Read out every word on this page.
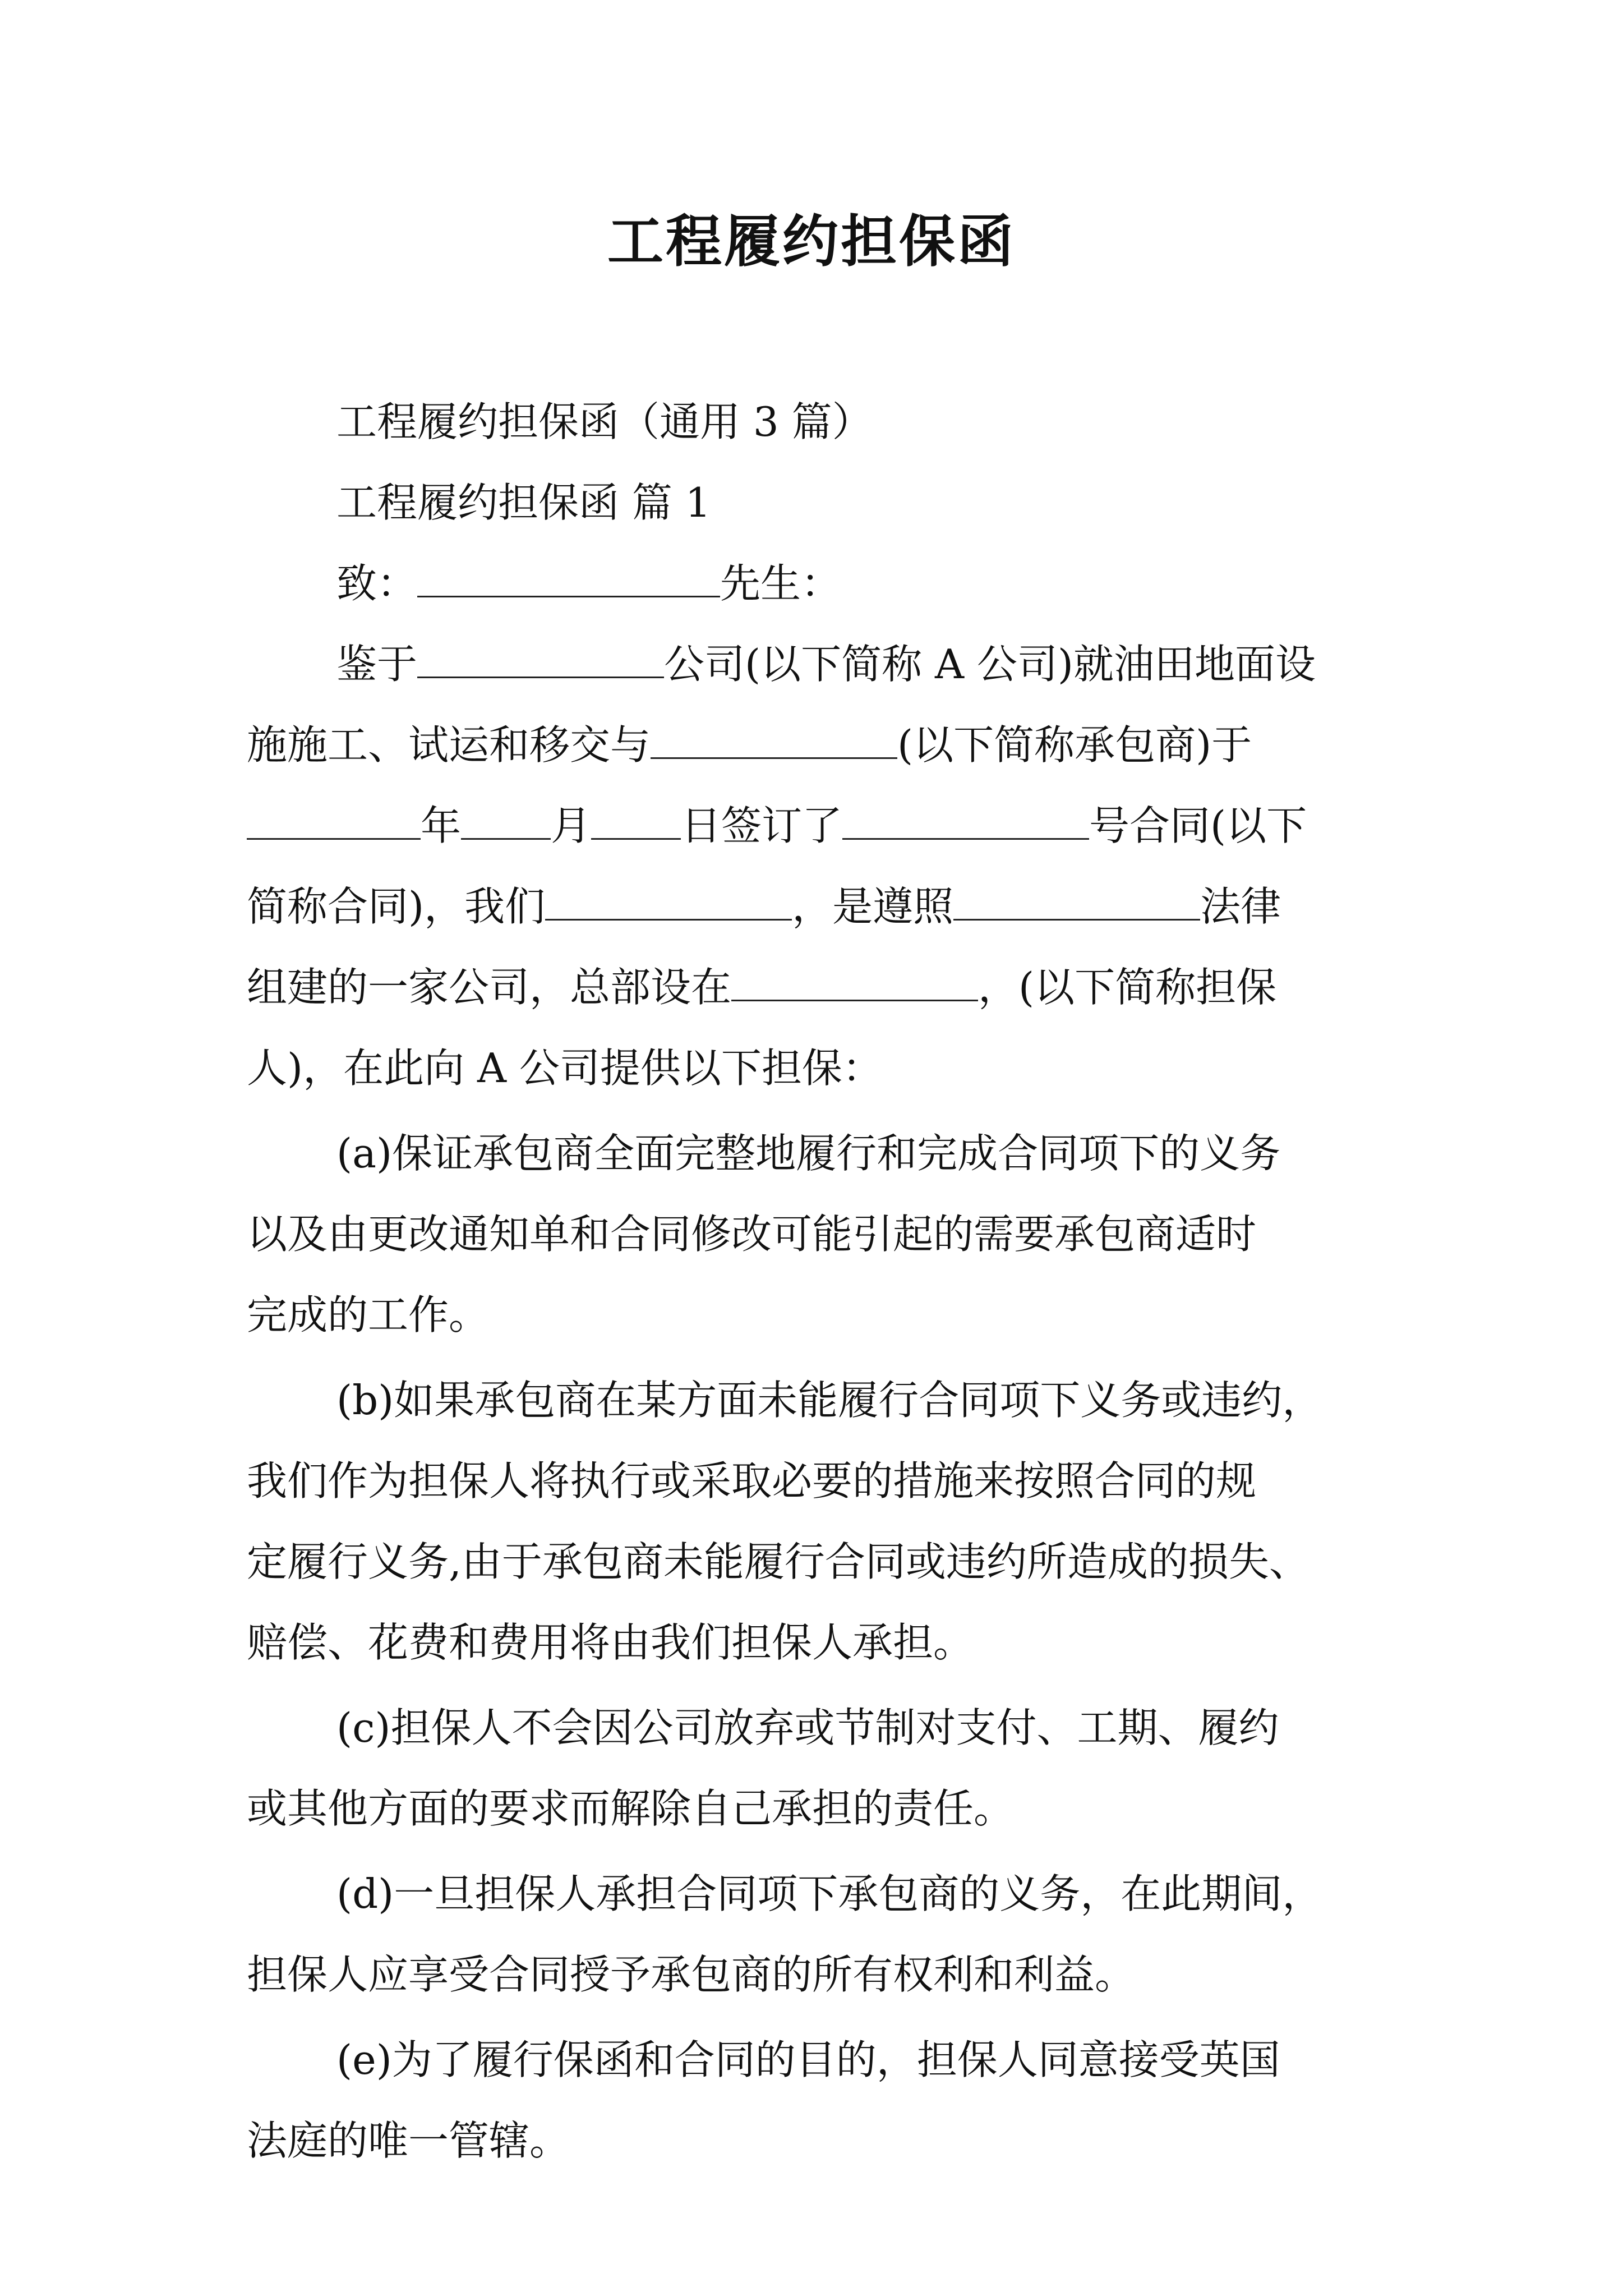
工程履约担保函

工程履约担保函（通用 3 篇）

工程履约担保函 篇 1

致：	先生：

鉴于	公司(以下简称 A 公司)就油田地面设

施施工、试运和移交与	(以下简称承包商)于

年 月 日签订了	号合同(以下

简称合同)，我们	，是遵照	法律

组建的一家公司，总部设在	，(以下简称担保

人)，在此向 A 公司提供以下担保：

(a)保证承包商全面完整地履行和完成合同项下的义务

以及由更改通知单和合同修改可能引起的需要承包商适时

完成的工作。

(b)如果承包商在某方面未能履行合同项下义务或违约，

我们作为担保人将执行或采取必要的措施来按照合同的规

定履行义务,由于承包商未能履行合同或违约所造成的损失、

赔偿、花费和费用将由我们担保人承担。

(c)担保人不会因公司放弃或节制对支付、工期、履约

或其他方面的要求而解除自己承担的责任。

(d)一旦担保人承担合同项下承包商的义务，在此期间，

担保人应享受合同授予承包商的所有权利和利益。

(e)为了履行保函和合同的目的，担保人同意接受英国

法庭的唯一管辖。
